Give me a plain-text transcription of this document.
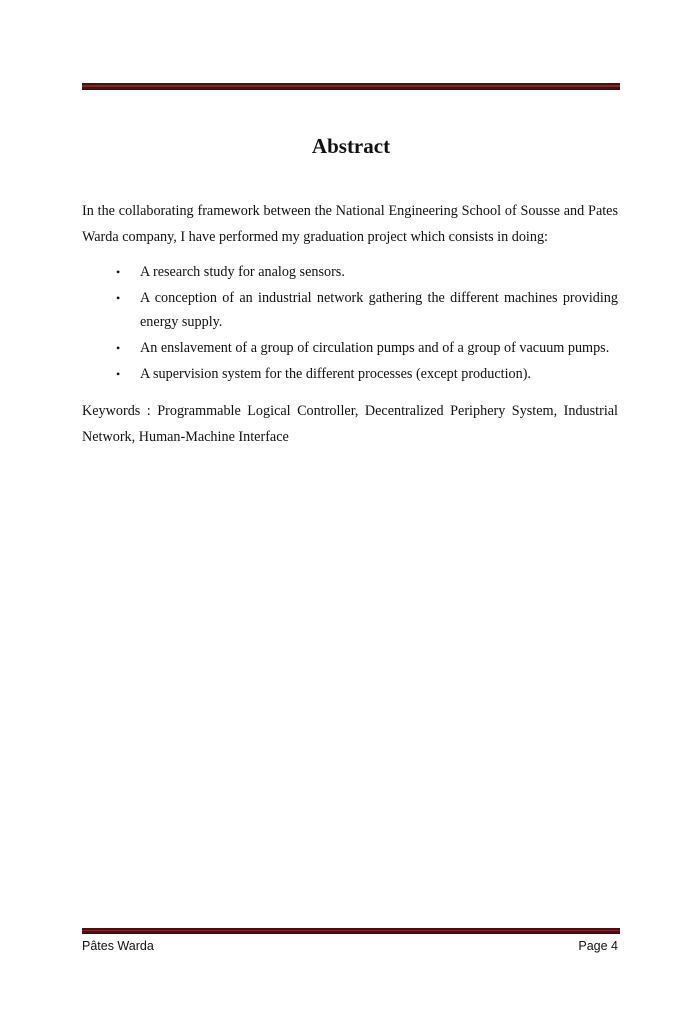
Abstract

In the collaborating framework between the National Engineering School of Sousse and Pates Warda company, I have performed my graduation project which consists in doing:

• A research study for analog sensors.
• A conception of an industrial network gathering the different machines providing energy supply.
• An enslavement of a group of circulation pumps and of a group of vacuum pumps.
• A supervision system for the different processes (except production).

Keywords : Programmable Logical Controller, Decentralized Periphery System, Industrial Network, Human-Machine Interface

Pâtes Warda	Page 4
